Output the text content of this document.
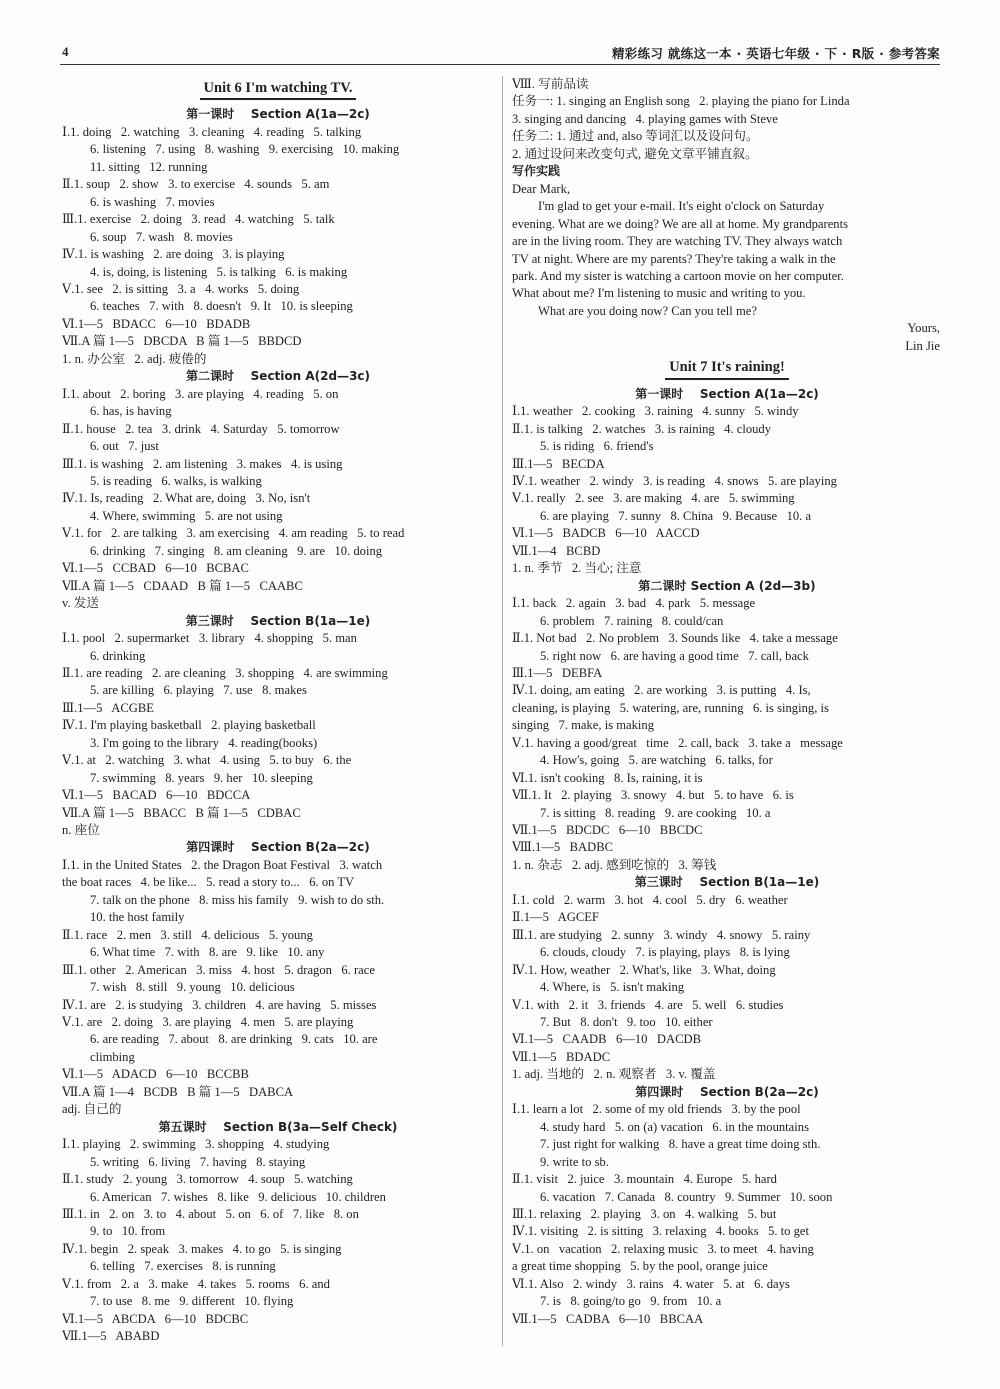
4	精彩练习 就练这一本 · 英语七年级 · 下 · R版 · 参考答案
Unit 6 I'm watching TV.
第一课时    Section A(1a—2c)
Ⅰ.1. doing   2. watching   3. cleaning   4. reading   5. talking
6. listening   7. using   8. washing   9. exercising   10. making
11. sitting   12. running
Ⅱ.1. soup   2. show   3. to exercise   4. sounds   5. am
6. is washing   7. movies
Ⅲ.1. exercise   2. doing   3. read   4. watching   5. talk
6. soup   7. wash   8. movies
Ⅳ.1. is washing   2. are doing   3. is playing
4. is, doing, is listening   5. is talking   6. is making
Ⅴ.1. see   2. is sitting   3. a   4. works   5. doing
6. teaches   7. with   8. doesn't   9. It   10. is sleeping
Ⅵ.1—5   BDACC   6—10   BDADB
Ⅶ.A 篇 1—5   DBCDA   B 篇 1—5   BBDCD
1. n. 办公室   2. adj. 疲倦的
第二课时    Section A(2d—3c)
Ⅰ.1. about   2. boring   3. are playing   4. reading   5. on
6. has, is having
Ⅱ.1. house   2. tea   3. drink   4. Saturday   5. tomorrow
6. out   7. just
Ⅲ.1. is washing   2. am listening   3. makes   4. is using
5. is reading   6. walks, is walking
Ⅳ.1. Is, reading   2. What are, doing   3. No, isn't
4. Where, swimming   5. are not using
Ⅴ.1. for   2. are talking   3. am exercising   4. am reading   5. to read
6. drinking   7. singing   8. am cleaning   9. are   10. doing
Ⅵ.1—5   CCBAD   6—10   BCBAC
Ⅶ.A 篇 1—5   CDAAD   B 篇 1—5   CAABC
v. 发送
第三课时    Section B(1a—1e)
Ⅰ.1. pool   2. supermarket   3. library   4. shopping   5. man
6. drinking
Ⅱ.1. are reading   2. are cleaning   3. shopping   4. are swimming
5. are killing   6. playing   7. use   8. makes
Ⅲ.1—5   ACGBE
Ⅳ.1. I'm playing basketball   2. playing basketball
3. I'm going to the library   4. reading(books)
Ⅴ.1. at   2. watching   3. what   4. using   5. to buy   6. the
7. swimming   8. years   9. her   10. sleeping
Ⅵ.1—5   BACAD   6—10   BDCCA
Ⅶ.A 篇 1—5   BBACC   B 篇 1—5   CDBAC
n. 座位
第四课时    Section B(2a—2c)
Ⅰ.1. in the United States   2. the Dragon Boat Festival   3. watch
the boat races   4. be like...   5. read a story to...   6. on TV
7. talk on the phone   8. miss his family   9. wish to do sth.
10. the host family
Ⅱ.1. race   2. men   3. still   4. delicious   5. young
6. What time   7. with   8. are   9. like   10. any
Ⅲ.1. other   2. American   3. miss   4. host   5. dragon   6. race
7. wish   8. still   9. young   10. delicious
Ⅳ.1. are   2. is studying   3. children   4. are having   5. misses
Ⅴ.1. are   2. doing   3. are playing   4. men   5. are playing
6. are reading   7. about   8. are drinking   9. cats   10. are
climbing
Ⅵ.1—5   ADACD   6—10   BCCBB
Ⅶ.A 篇 1—4   BCDB   B 篇 1—5   DABCA
adj. 自己的
第五课时    Section B(3a—Self Check)
Ⅰ.1. playing   2. swimming   3. shopping   4. studying
5. writing   6. living   7. having   8. staying
Ⅱ.1. study   2. young   3. tomorrow   4. soup   5. watching
6. American   7. wishes   8. like   9. delicious   10. children
Ⅲ.1. in   2. on   3. to   4. about   5. on   6. of   7. like   8. on
9. to   10. from
Ⅳ.1. begin   2. speak   3. makes   4. to go   5. is singing
6. telling   7. exercises   8. is running
Ⅴ.1. from   2. a   3. make   4. takes   5. rooms   6. and
7. to use   8. me   9. different   10. flying
Ⅵ.1—5   ABCDA   6—10   BDCBC
Ⅶ.1—5   ABABD
Ⅷ. 写前品读
任务一: 1. singing an English song   2. playing the piano for Linda
3. singing and dancing   4. playing games with Steve
任务二: 1. 通过 and, also 等词汇以及设问句。
2. 通过设问来改变句式, 避免文章平铺直叙。
写作实践
Dear Mark,
I'm glad to get your e-mail. It's eight o'clock on Saturday
evening. What are we doing? We are all at home. My grandparents
are in the living room. They are watching TV. They always watch
TV at night. Where are my parents? They're taking a walk in the
park. And my sister is watching a cartoon movie on her computer.
What about me? I'm listening to music and writing to you.
What are you doing now? Can you tell me?
Yours,
Lin Jie
Unit 7 It's raining!
第一课时    Section A(1a—2c)
Ⅰ.1. weather   2. cooking   3. raining   4. sunny   5. windy
Ⅱ.1. is talking   2. watches   3. is raining   4. cloudy
5. is riding   6. friend's
Ⅲ.1—5   BECDA
Ⅳ.1. weather   2. windy   3. is reading   4. snows   5. are playing
Ⅴ.1. really   2. see   3. are making   4. are   5. swimming
6. are playing   7. sunny   8. China   9. Because   10. a
Ⅵ.1—5   BADCB   6—10   AACCD
Ⅶ.1—4   BCBD
1. n. 季节   2. 当心; 注意
第二课时 Section A (2d—3b)
Ⅰ.1. back   2. again   3. bad   4. park   5. message
6. problem   7. raining   8. could/can
Ⅱ.1. Not bad   2. No problem   3. Sounds like   4. take a message
5. right now   6. are having a good time   7. call, back
Ⅲ.1—5   DEBFA
Ⅳ.1. doing, am eating   2. are working   3. is putting   4. Is,
cleaning, is playing   5. watering, are, running   6. is singing, is
singing   7. make, is making
Ⅴ.1. having a good/great   time   2. call, back   3. take a   message
4. How's, going   5. are watching   6. talks, for
Ⅵ.1. isn't cooking   8. Is, raining, it is
Ⅶ.1. It   2. playing   3. snowy   4. but   5. to have   6. is
7. is sitting   8. reading   9. are cooking   10. a
Ⅶ.1—5   BDCDC   6—10   BBCDC
Ⅷ.1—5   BADBC
1. n. 杂志   2. adj. 感到吃惊的   3. 筹钱
第三课时    Section B(1a—1e)
Ⅰ.1. cold   2. warm   3. hot   4. cool   5. dry   6. weather
Ⅱ.1—5   AGCEF
Ⅲ.1. are studying   2. sunny   3. windy   4. snowy   5. rainy
6. clouds, cloudy   7. is playing, plays   8. is lying
Ⅳ.1. How, weather   2. What's, like   3. What, doing
4. Where, is   5. isn't making
Ⅴ.1. with   2. it   3. friends   4. are   5. well   6. studies
7. But   8. don't   9. too   10. either
Ⅵ.1—5   CAADB   6—10   DACDB
Ⅶ.1—5   BDADC
1. adj. 当地的   2. n. 观察者   3. v. 覆盖
第四课时    Section B(2a—2c)
Ⅰ.1. learn a lot   2. some of my old friends   3. by the pool
4. study hard   5. on (a) vacation   6. in the mountains
7. just right for walking   8. have a great time doing sth.
9. write to sb.
Ⅱ.1. visit   2. juice   3. mountain   4. Europe   5. hard
6. vacation   7. Canada   8. country   9. Summer   10. soon
Ⅲ.1. relaxing   2. playing   3. on   4. walking   5. but
Ⅳ.1. visiting   2. is sitting   3. relaxing   4. books   5. to get
Ⅴ.1. on   vacation   2. relaxing music   3. to meet   4. having
a great time shopping   5. by the pool, orange juice
Ⅵ.1. Also   2. windy   3. rains   4. water   5. at   6. days
7. is   8. going/to go   9. from   10. a
Ⅶ.1—5   CADBA   6—10   BBCAA
